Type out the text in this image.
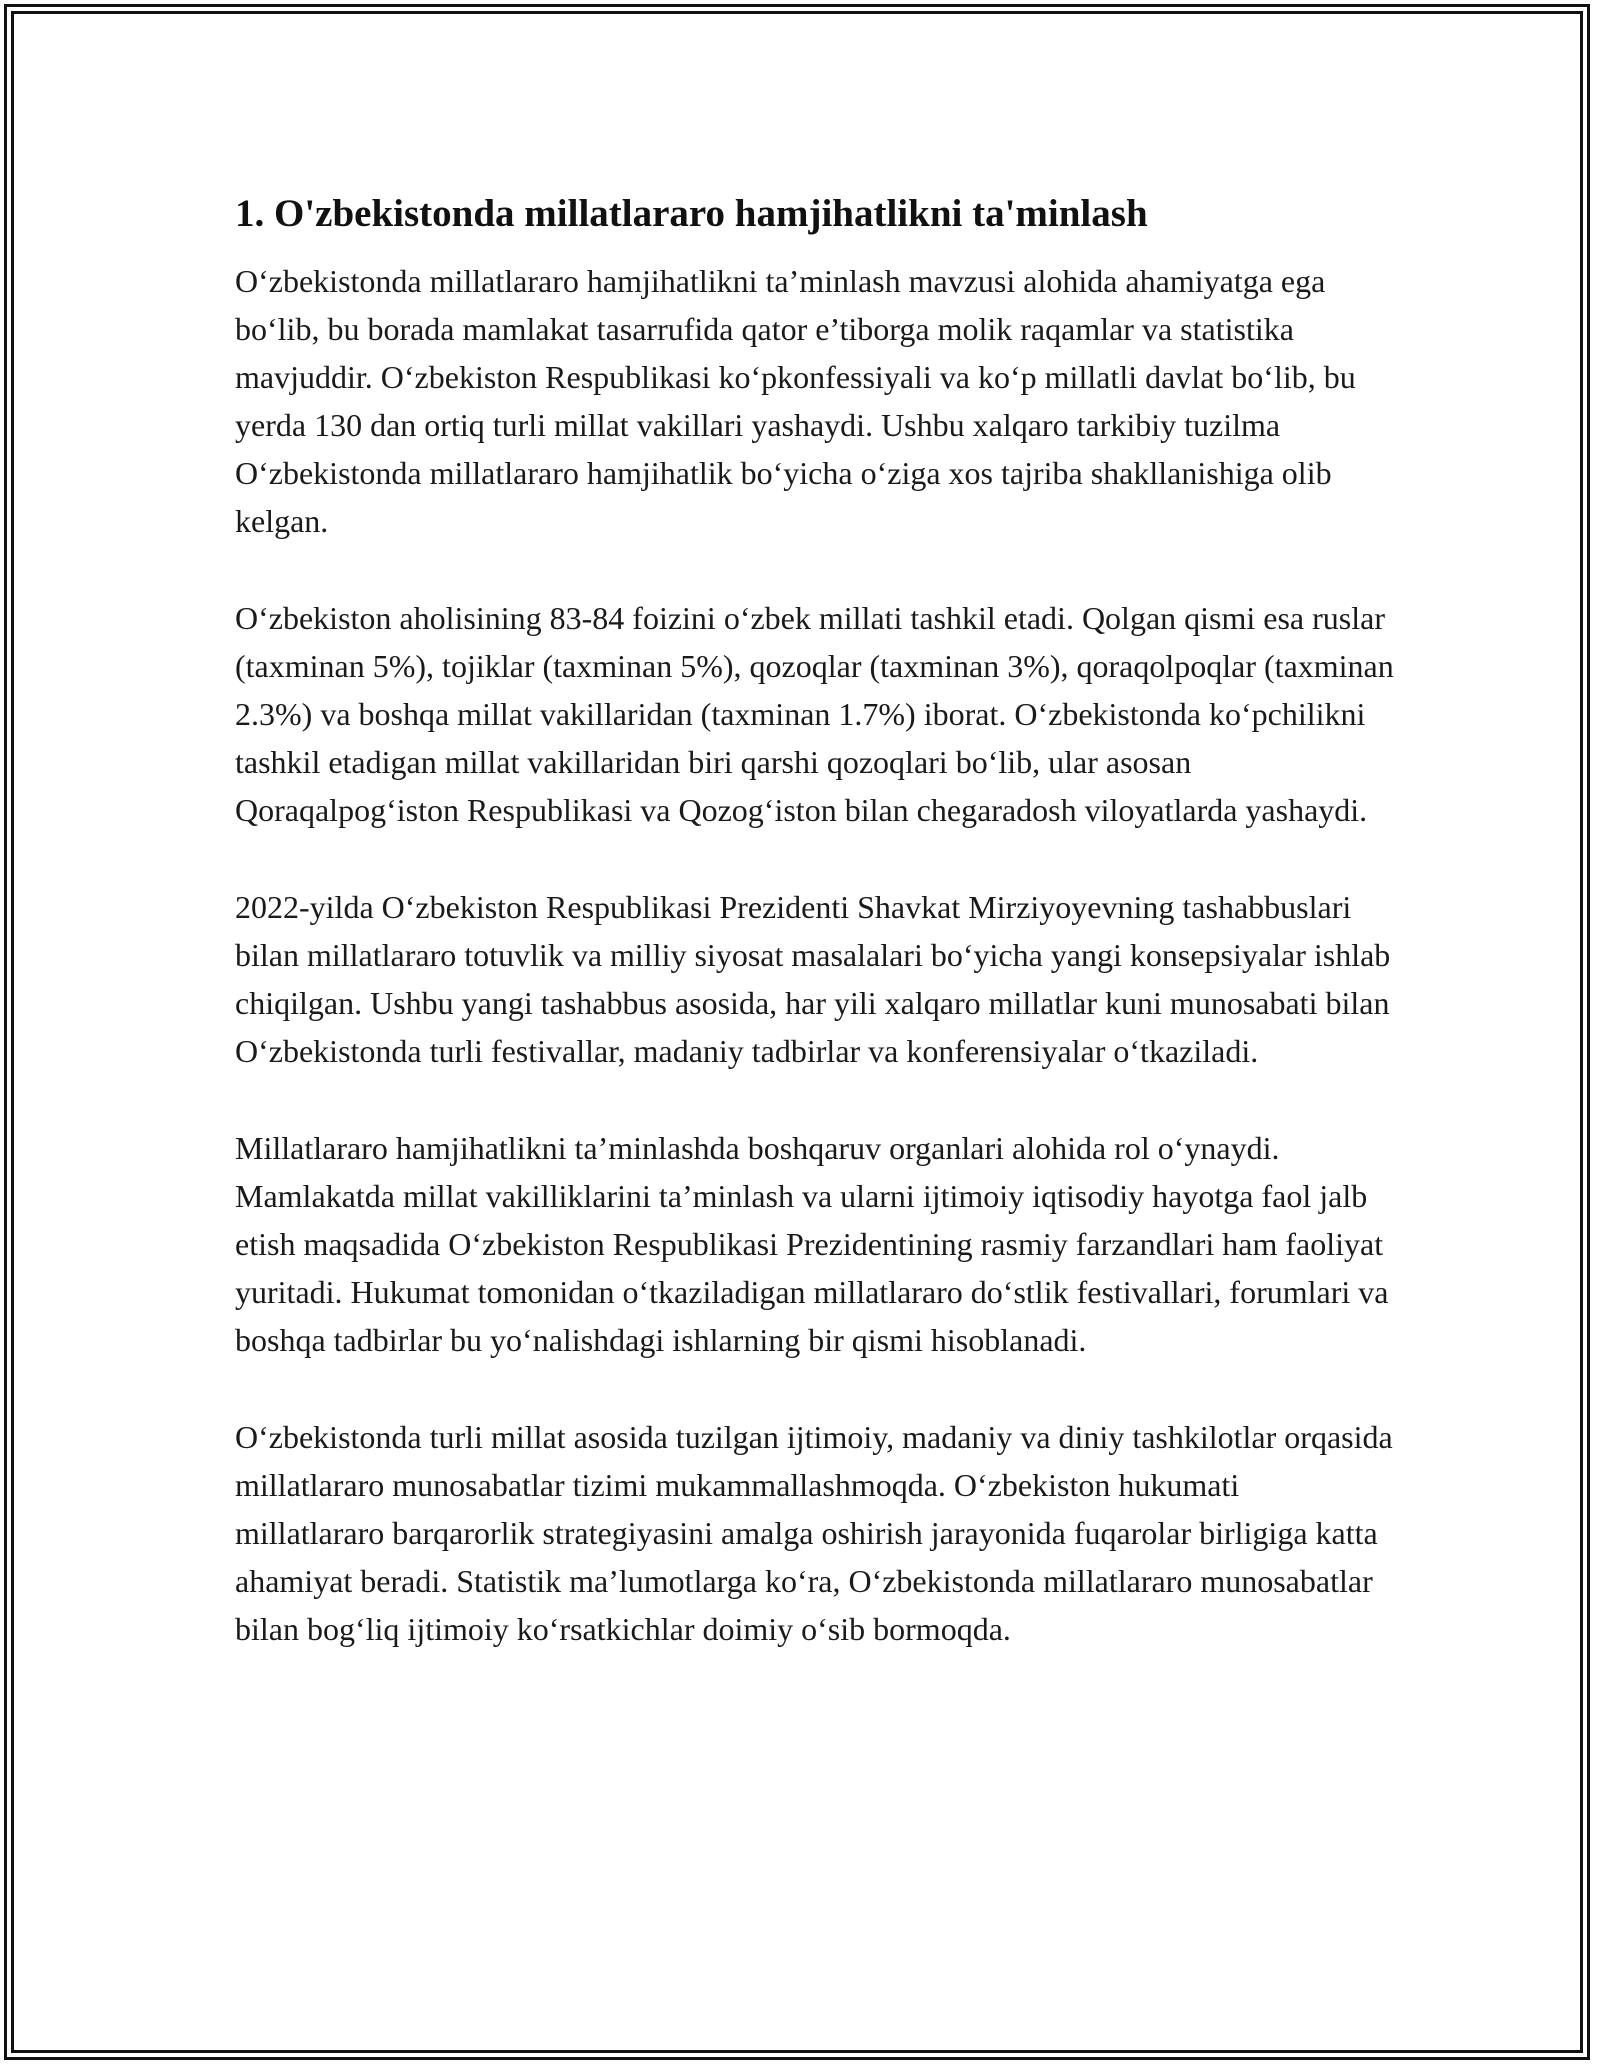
1. O'zbekistonda millatlararo hamjihatlikni ta'minlash

O‘zbekistonda millatlararo hamjihatlikni ta’minlash mavzusi alohida ahamiyatga ega bo‘lib, bu borada mamlakat tasarrufida qator e’tiborga molik raqamlar va statistika mavjuddir. O‘zbekiston Respublikasi ko‘pkonfessiyali va ko‘p millatli davlat bo‘lib, bu yerda 130 dan ortiq turli millat vakillari yashaydi. Ushbu xalqaro tarkibiy tuzilma O‘zbekistonda millatlararo hamjihatlik bo‘yicha o‘ziga xos tajriba shakllanishiga olib kelgan.

O‘zbekiston aholisining 83-84 foizini o‘zbek millati tashkil etadi. Qolgan qismi esa ruslar (taxminan 5%), tojiklar (taxminan 5%), qozoqlar (taxminan 3%), qoraqolpoqlar (taxminan 2.3%) va boshqa millat vakillaridan (taxminan 1.7%) iborat. O‘zbekistonda ko‘pchilikni tashkil etadigan millat vakillaridan biri qarshi qozoqlari bo‘lib, ular asosan Qoraqalpog‘iston Respublikasi va Qozog‘iston bilan chegaradosh viloyatlarda yashaydi.

2022-yilda O‘zbekiston Respublikasi Prezidenti Shavkat Mirziyoyevning tashabbuslari bilan millatlararo totuvlik va milliy siyosat masalalari bo‘yicha yangi konsepsiyalar ishlab chiqilgan. Ushbu yangi tashabbus asosida, har yili xalqaro millatlar kuni munosabati bilan O‘zbekistonda turli festivallar, madaniy tadbirlar va konferensiyalar o‘tkaziladi.

Millatlararo hamjihatlikni ta’minlashda boshqaruv organlari alohida rol o‘ynaydi. Mamlakatda millat vakilliklarini ta’minlash va ularni ijtimoiy iqtisodiy hayotga faol jalb etish maqsadida O‘zbekiston Respublikasi Prezidentining rasmiy farzandlari ham faoliyat yuritadi. Hukumat tomonidan o‘tkaziladigan millatlararo do‘stlik festivallari, forumlari va boshqa tadbirlar bu yo‘nalishdagi ishlarning bir qismi hisoblanadi.

O‘zbekistonda turli millat asosida tuzilgan ijtimoiy, madaniy va diniy tashkilotlar orqasida millatlararo munosabatlar tizimi mukammallashmoqda. O‘zbekiston hukumati millatlararo barqarorlik strategiyasini amalga oshirish jarayonida fuqarolar birligiga katta ahamiyat beradi. Statistik ma’lumotlarga ko‘ra, O‘zbekistonda millatlararo munosabatlar bilan bog‘liq ijtimoiy ko‘rsatkichlar doimiy o‘sib bormoqda.
